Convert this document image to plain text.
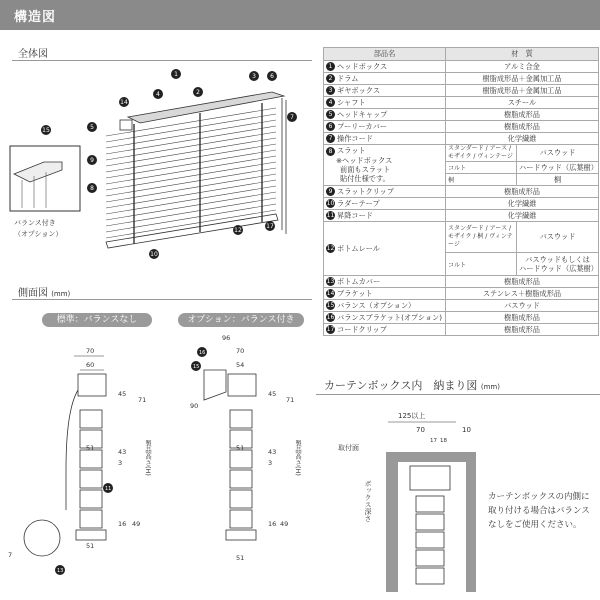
構造図
全体図
側面図 (mm)
標準：バランスなし	オプション：バランス付き
バランス付き
（オプション）
1
2
3
4
5
6
7
8
9
10
12
14
15
17
70
60
45
71
51	43
3
16 49
51
7
13
11
製品高さ(H)
96
70
54
90
45
71
51	43
3
16 49
51
16
15
製品高さ(H)
部品名	材　質	
1 ヘッドボックス	アルミ合金	
2 ドラム	樹脂成形品＋金属加工品	
3 ギヤボックス	樹脂成形品＋金属加工品	
4 シャフト	スチール	
5 ヘッドキャップ	樹脂成形品	
6 プーリーカバー	樹脂成形品	
7 操作コード	化学繊維	
8 スラット
※ヘッドボックス
前面もスラット
貼付仕様です。	スタンダード / アース / モザイク / ヴィンテージ	バスウッド
	コルト	ハードウッド（広葉樹）
	桐	桐
9 スラットクリップ	樹脂成形品	
10 ラダーテープ	化学繊維	
11 昇降コード	化学繊維	
12 ボトムレール	スタンダード / アース / モザイク / 桐 / ヴィンテージ	バスウッド
	コルト	バスウッドもしくは
ハードウッド（広葉樹）
13 ボトムカバー	樹脂成形品	
14 ブラケット	ステンレス＋樹脂成形品	
15 バランス（オプション）	バスウッド	
16 バランスブラケット(オプション)	樹脂成形品	
17 コードクリップ	樹脂成形品	
カーテンボックス内　納まり図 (mm)
125以上
70	10
17 18
取付面
ボックス深さ	カーテンボックスの内側に取り付ける場合はバランスなしをご使用ください。
